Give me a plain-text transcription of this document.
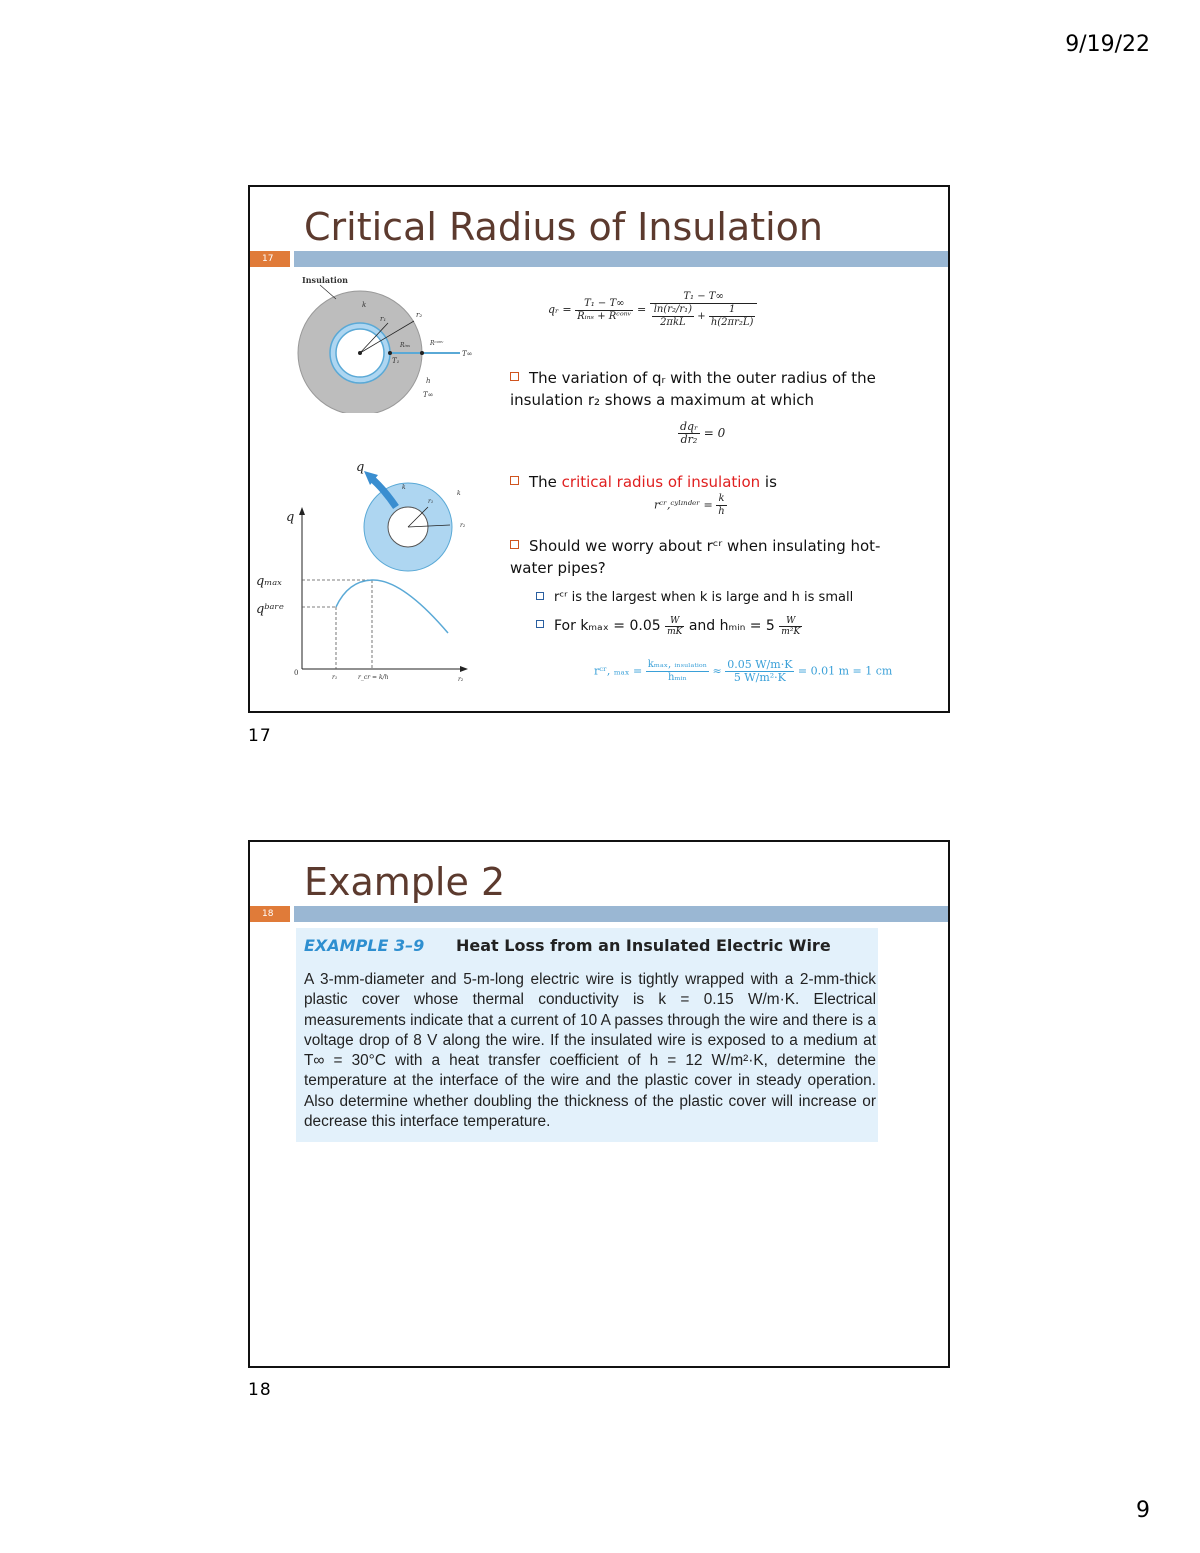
9/19/22
Critical Radius of Insulation
17
Insulation
k
r₁	r₂
T₁
Rᵢₙₛ	Rᶜᵒⁿᵛ
T∞
h
T∞
q
k
k
r₁
r₂
q
qₘₐₓ
qᵇᵃʳᵉ
0
r₁	r_cr = k/h	r₂
qᵣ = $\frac{\text{T₁ − T∞}}{\text{Rᵢₙₛ + Rᶜᵒⁿᵛ}} = \frac{\text{T₁ − T∞}}{\frac{\text{ln(r₂/r₁)}}{\text{2πkL}} + \frac{1}{\text{h(2πr₂L)}}}$
The variation of qᵣ with the outer radius of the insulation r₂ shows a maximum at which
$\frac{\text{dqᵣ}}{\text{dr₂}} = 0$
The critical radius of insulation is
rᶜʳ,ᶜʸˡᶦⁿᵈᵉʳ = $\frac{k}{h}$
Should we worry about rᶜʳ when insulating hot-water pipes?
rᶜʳ is the largest when k is large and h is small
For $k_{max} = 0.05 \frac{W}{mK}$ and hₘᵢₙ = $5 \frac{W}{\text{m²K}}$
rᶜʳ, $_{max} = \frac{\text{kₘₐₓ, ᵢₙₛᵤₗₐₜᵢₒₙ}}{\text{hₘᵢₙ}} \approx \frac{0.05 W/m\cdot K}{\text{5 W/m²·K}} = 0.01$ m = 1 cm
17
Example 2
18
EXAMPLE 3–9 Heat Loss from an Insulated Electric Wire
A 3-mm-diameter and 5-m-long electric wire is tightly wrapped with a 2-mm-thick plastic cover whose thermal conductivity is k = 0.15 W/m·K. Electrical measurements indicate that a current of 10 A passes through the wire and there is a voltage drop of 8 V along the wire. If the insulated wire is exposed to a medium at T∞ = 30°C with a heat transfer coefficient of h = 12 W/m²·K, determine the temperature at the interface of the wire and the plastic cover in steady operation. Also determine whether doubling the thickness of the plastic cover will increase or decrease this interface temperature.
18
9
